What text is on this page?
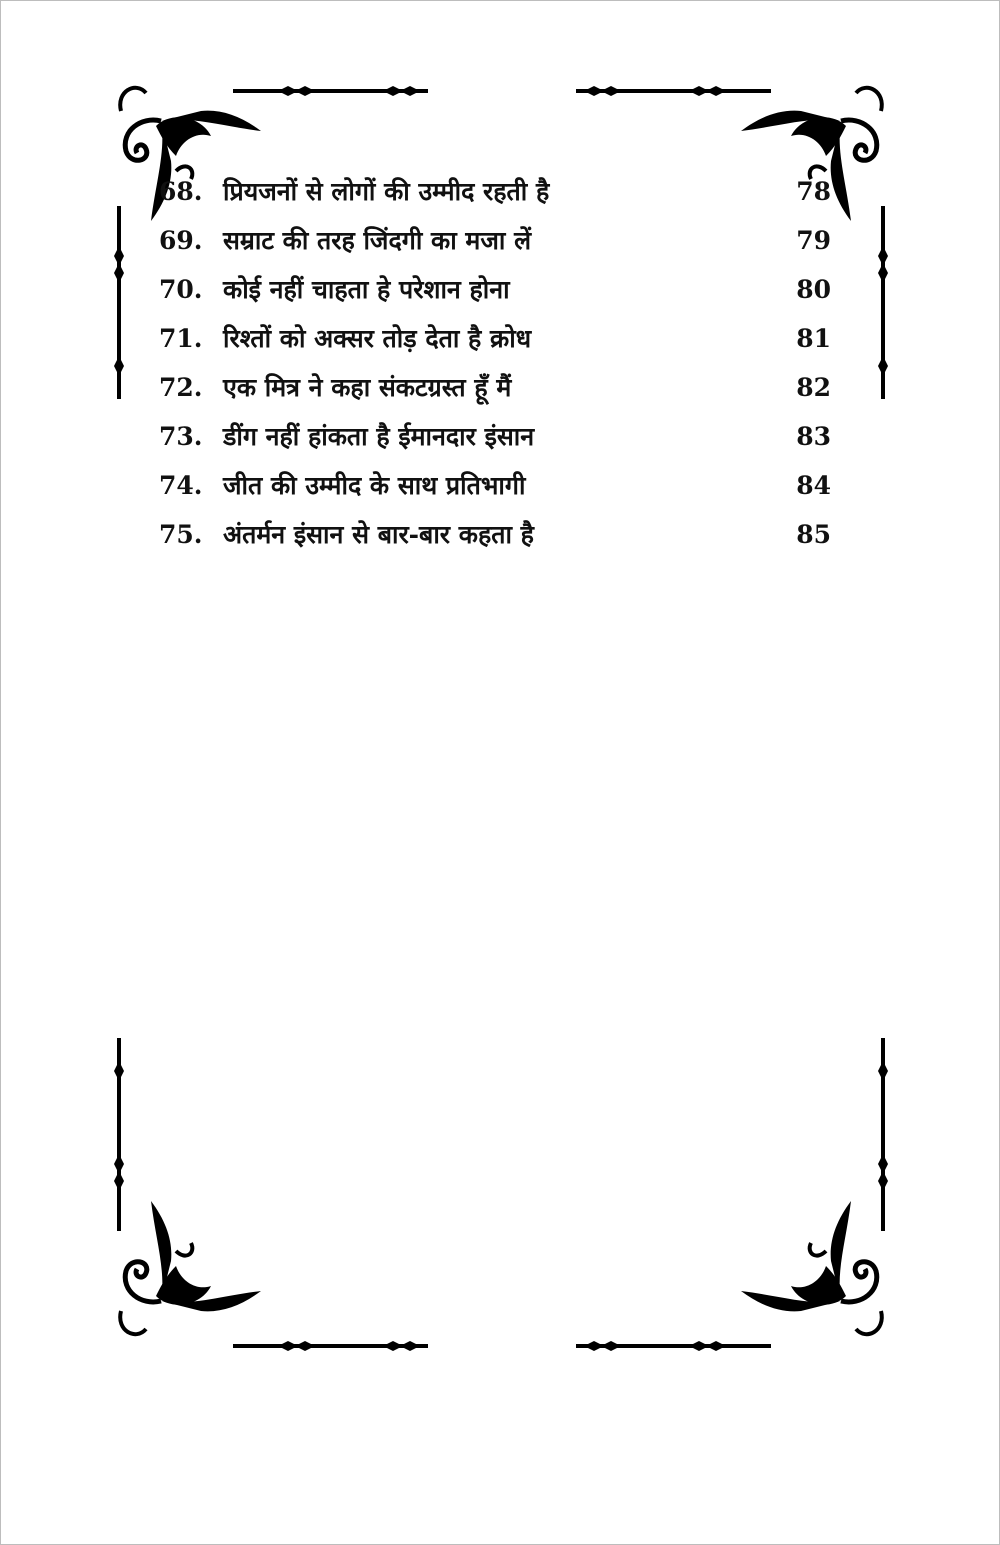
68. प्रियजनों से लोगों की उम्मीद रहती है	78
69. सम्राट की तरह जिंदगी का मजा लें	79
70. कोई नहीं चाहता हे परेशान होना	80
71. रिश्तों को अक्सर तोड़ देता है क्रोध	81
72. एक मित्र ने कहा संकटग्रस्त हूँ मैं	82
73. डींग नहीं हांकता है ईमानदार इंसान	83
74. जीत की उम्मीद के साथ प्रतिभागी	84
75. अंतर्मन इंसान से बार-बार कहता है	85
